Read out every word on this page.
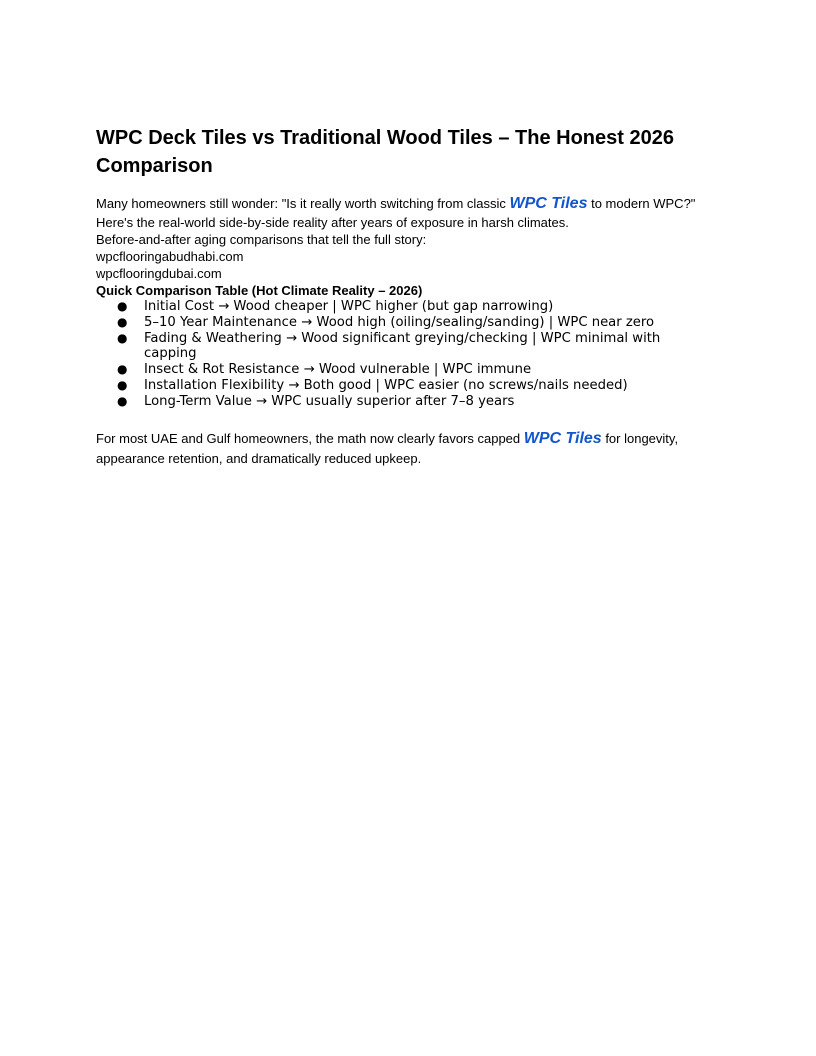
WPC Deck Tiles vs Traditional Wood Tiles – The Honest 2026 Comparison

Many homeowners still wonder: "Is it really worth switching from classic WPC Tiles to modern WPC?"

Here's the real-world side-by-side reality after years of exposure in harsh climates.

Before-and-after aging comparisons that tell the full story:

wpcflooringabudhabi.com

wpcflooringdubai.com

Quick Comparison Table (Hot Climate Reality – 2026)

● Initial Cost → Wood cheaper | WPC higher (but gap narrowing)
● 5–10 Year Maintenance → Wood high (oiling/sealing/sanding) | WPC near zero
● Fading & Weathering → Wood significant greying/checking | WPC minimal with capping
● Insect & Rot Resistance → Wood vulnerable | WPC immune
● Installation Flexibility → Both good | WPC easier (no screws/nails needed)
● Long-Term Value → WPC usually superior after 7–8 years

For most UAE and Gulf homeowners, the math now clearly favors capped WPC Tiles for longevity, appearance retention, and dramatically reduced upkeep.
